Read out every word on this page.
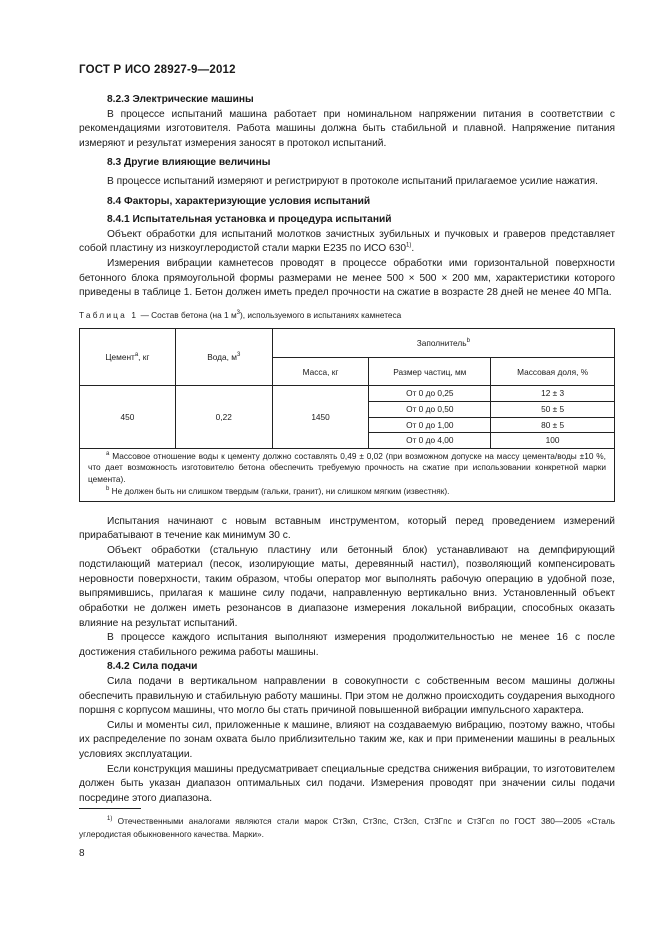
ГОСТ Р ИСО 28927-9—2012

8.2.3 Электрические машины

В процессе испытаний машина работает при номинальном напряжении питания в соответствии с рекомендациями изготовителя. Работа машины должна быть стабильной и плавной. Напряжение питания измеряют и результат измерения заносят в протокол испытаний.

8.3 Другие влияющие величины

В процессе испытаний измеряют и регистрируют в протоколе испытаний прилагаемое усилие нажатия.

8.4 Факторы, характеризующие условия испытаний

8.4.1 Испытательная установка и процедура испытаний

Объект обработки для испытаний молотков зачистных зубильных и пучковых и граверов представляет собой пластину из низкоуглеродистой стали марки Е235 по ИСО 630$^{1)}$.

Измерения вибрации камнетесов проводят в процессе обработки ими горизонтальной поверхности бетонного блока прямоугольной формы размерами не менее 500 × 500 × 200 мм, характеристики которого приведены в таблице 1. Бетон должен иметь предел прочности на сжатие в возрасте 28 дней не менее 40 МПа.

Таблица 1 — Состав бетона (на 1 $м^3$), используемого в испытаниях камнетеса
Цемент$^a$, кг	Вода, $м^3$	Заполнитель$^b$
		Масса, кг	Размер частиц, мм	Массовая доля, %
450	0,22	1450	От 0 до 0,25	12 ± 3
			От 0 до 0,50	50 ± 5
			От 0 до 1,00	80 ± 5
			От 0 до 4,00	100

$^a$ Массовое отношение воды к цементу должно составлять 0,49 ± 0,02 (при возможном допуске на массу цемента/воды ±10 %, что дает возможность изготовителю бетона обеспечить требуемую прочность на сжатие при использовании конкретной марки цемента).

$^b$ Не должен быть ни слишком твердым (гальки, гранит), ни слишком мягким (известняк).

Испытания начинают с новым вставным инструментом, который перед проведением измерений прирабатывают в течение как минимум 30 с.

Объект обработки (стальную пластину или бетонный блок) устанавливают на демпфирующий подстилающий материал (песок, изолирующие маты, деревянный настил), позволяющий компенсировать неровности поверхности, таким образом, чтобы оператор мог выполнять рабочую операцию в удобной позе, выпрямившись, прилагая к машине силу подачи, направленную вертикально вниз. Установленный объект обработки не должен иметь резонансов в диапазоне измерения локальной вибрации, способных оказать влияние на результат испытаний.

В процессе каждого испытания выполняют измерения продолжительностью не менее 16 с после достижения стабильного режима работы машины.

8.4.2 Сила подачи

Сила подачи в вертикальном направлении в совокупности с собственным весом машины должны обеспечить правильную и стабильную работу машины. При этом не должно происходить соударения выходного поршня с корпусом машины, что могло бы стать причиной повышенной вибрации импульсного характера.

Силы и моменты сил, приложенные к машине, влияют на создаваемую вибрацию, поэтому важно, чтобы их распределение по зонам охвата было приблизительно таким же, как и при применении машины в реальных условиях эксплуатации.

Если конструкция машины предусматривает специальные средства снижения вибрации, то изготовителем должен быть указан диапазон оптимальных сил подачи. Измерения проводят при значении силы подачи посредине этого диапазона.

$^{1)}$ Отечественными аналогами являются стали марок Ст3кп, Ст3пс, Ст3сп, Ст3Гпс и Ст3Гсп по ГОСТ 380—2005 «Сталь углеродистая обыкновенного качества. Марки».
8
